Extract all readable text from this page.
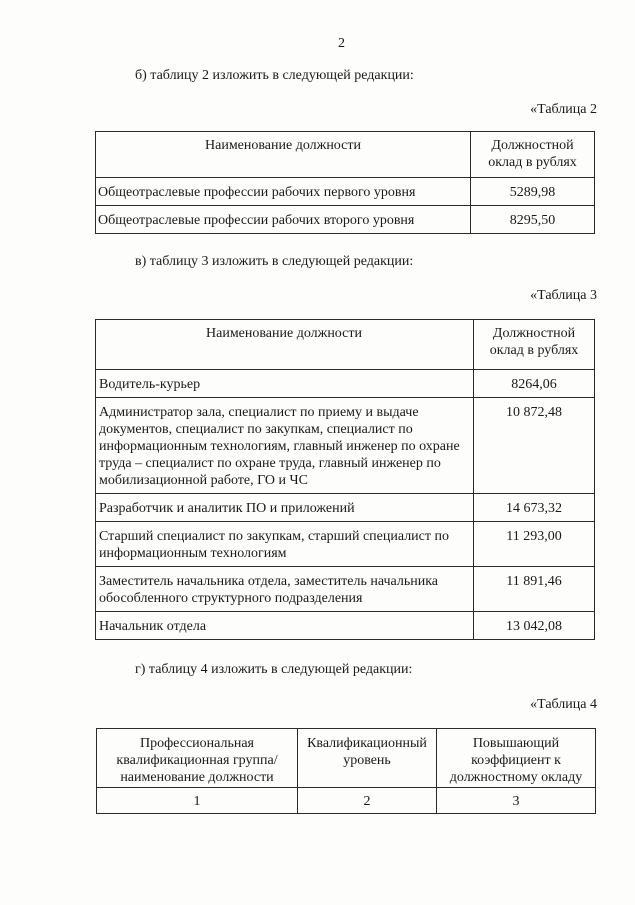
2
б) таблицу 2 изложить в следующей редакции:
«Таблица 2
Наименование должности	Должностной оклад в рублях

Общеотраслевые профессии рабочих первого уровня	5289,98
Общеотраслевые профессии рабочих второго уровня	8295,50
в) таблицу 3 изложить в следующей редакции:
«Таблица 3
Наименование должности	Должностной оклад в рублях

Водитель-курьер	8264,06

Администратор зала, специалист по приему и выдаче документов, специалист по закупкам, специалист по информационным технологиям, главный инженер по охране труда – специалист по охране труда, главный инженер по мобилизационной работе, ГО и ЧС	10 872,48
Разработчик и аналитик ПО и приложений	14 673,32

Старший специалист по закупкам, старший специалист по информационным технологиям	11 293,00

Заместитель начальника отдела, заместитель начальника обособленного структурного подразделения	11 891,46
Начальник отдела	13 042,08
г) таблицу 4 изложить в следующей редакции:
«Таблица 4
Профессиональная квалификационная группа/ наименование должности	Квалификационный уровень	Повышающий коэффициент к должностному окладу

1	2	3
